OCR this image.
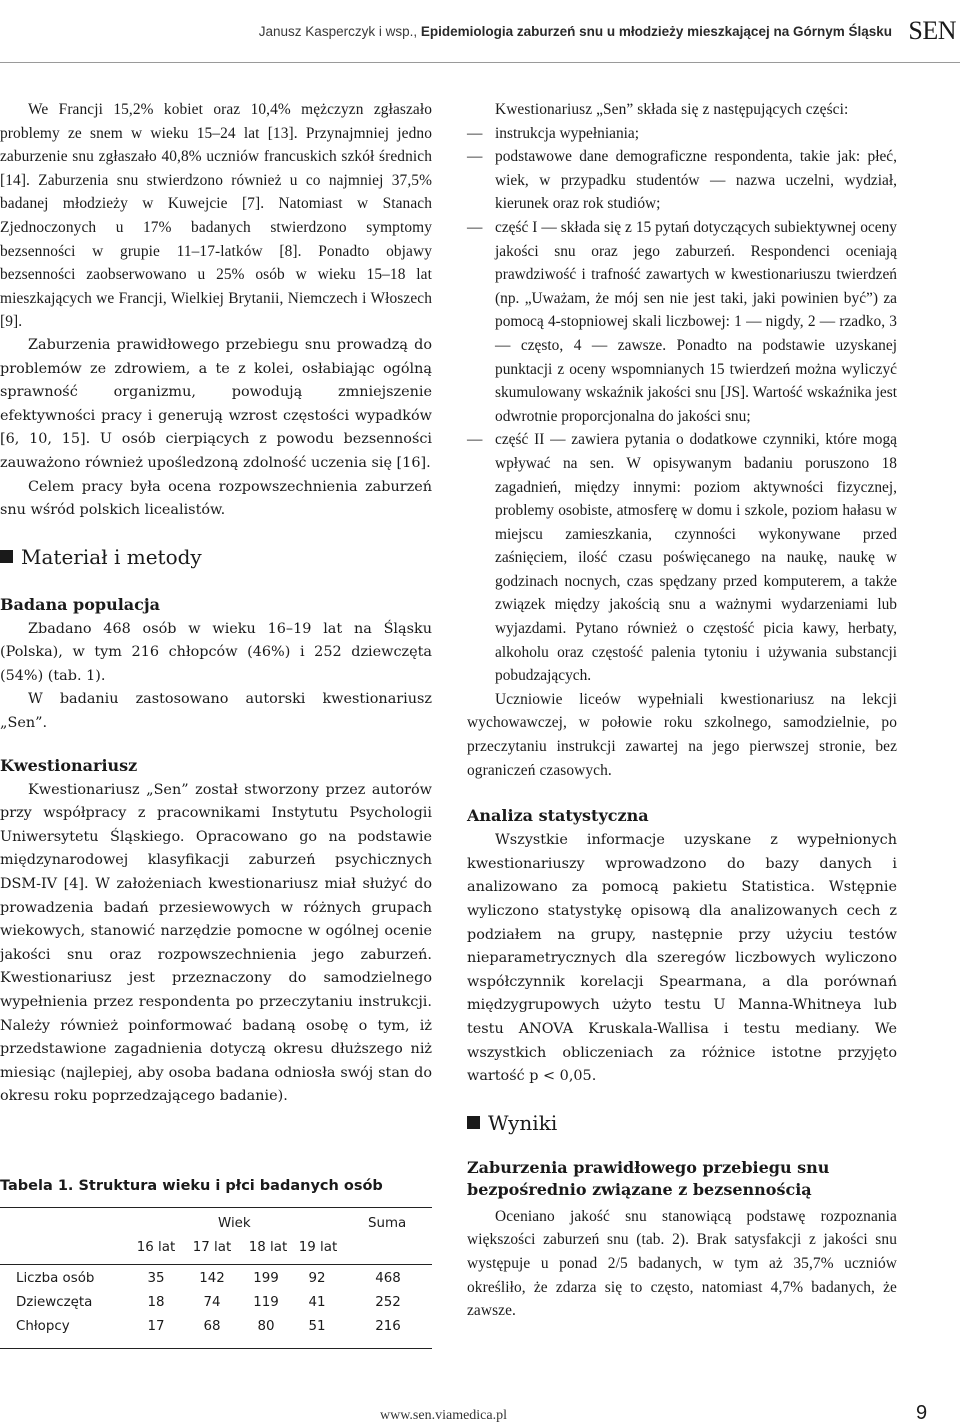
Janusz Kasperczyk i wsp., Epidemiologia zaburzeń snu u młodzieży mieszkającej na Górnym Śląsku SEN

We Francji 15,2% kobiet oraz 10,4% mężczyzn zgłaszało problemy ze snem w wieku 15–24 lat [13]. Przynajmniej jedno zaburzenie snu zgłaszało 40,8% uczniów francuskich szkół średnich [14]. Zaburzenia snu stwierdzono również u co najmniej 37,5% badanej młodzieży w Kuwejcie [7]. Natomiast w Stanach Zjednoczonych u 17% badanych stwierdzono symptomy bezsenności w grupie 11–17-latków [8]. Ponadto objawy bezsenności zaobserwowano u 25% osób w wieku 15–18 lat mieszkających we Francji, Wielkiej Brytanii, Niemczech i Włoszech [9].

Zaburzenia prawidłowego przebiegu snu prowadzą do problemów ze zdrowiem, a te z kolei, osłabiając ogólną sprawność organizmu, powodują zmniejszenie efektywności pracy i generują wzrost częstości wypadków [6, 10, 15]. U osób cierpiących z powodu bezsenności zauważono również upośledzoną zdolność uczenia się [16].

Celem pracy była ocena rozpowszechnienia zaburzeń snu wśród polskich licealistów.

Materiał i metody
Badana populacja

Zbadano 468 osób w wieku 16–19 lat na Śląsku (Polska), w tym 216 chłopców (46%) i 252 dziewczęta (54%) (tab. 1).

W badaniu zastosowano autorski kwestionariusz „Sen”.

Kwestionariusz

Kwestionariusz „Sen” został stworzony przez autorów przy współpracy z pracownikami Instytutu Psychologii Uniwersytetu Śląskiego. Opracowano go na podstawie międzynarodowej klasyfikacji zaburzeń psychicznych DSM-IV [4]. W założeniach kwestionariusz miał służyć do prowadzenia badań przesiewowych w różnych grupach wiekowych, stanowić narzędzie pomocne w ogólnej ocenie jakości snu oraz rozpowszechnienia jego zaburzeń. Kwestionariusz jest przeznaczony do samodzielnego wypełnienia przez respondenta po przeczytaniu instrukcji. Należy również poinformować badaną osobę o tym, iż przedstawione zagadnienia dotyczą okresu dłuższego niż miesiąc (najlepiej, aby osoba badana odniosła swój stan do okresu roku poprzedzającego badanie).

Tabela 1. Struktura wieku i płci badanych osób
Wiek	Suma
16 lat 17 lat 18 lat 19 lat
Liczba osób	35	142	199	92	468
Dziewczęta	18	74	119	41	252
Chłopcy	17	68	80	51	216

Kwestionariusz „Sen” składa się z następujących części:

— instrukcja wypełniania;
— podstawowe dane demograficzne respondenta, takie jak: płeć, wiek, w przypadku studentów — nazwa uczelni, wydział, kierunek oraz rok studiów;
— część I — składa się z 15 pytań dotyczących subiektywnej oceny jakości snu oraz jego zaburzeń. Respondenci oceniają prawdziwość i trafność zawartych w kwestionariuszu twierdzeń (np. „Uważam, że mój sen nie jest taki, jaki powinien być”) za pomocą 4-stopniowej skali liczbowej: 1 — nigdy, 2 — rzadko, 3 — często, 4 — zawsze. Ponadto na podstawie uzyskanej punktacji z oceny wspomnianych 15 twierdzeń można wyliczyć skumulowany wskaźnik jakości snu [JS]. Wartość wskaźnika jest odwrotnie proporcjonalna do jakości snu;
— część II — zawiera pytania o dodatkowe czynniki, które mogą wpływać na sen. W opisywanym badaniu poruszono 18 zagadnień, między innymi: poziom aktywności fizycznej, problemy osobiste, atmosferę w domu i szkole, poziom hałasu w miejscu zamieszkania, czynności wykonywane przed zaśnięciem, ilość czasu poświęcanego na naukę, naukę w godzinach nocnych, czas spędzany przed komputerem, a także związek między jakością snu a ważnymi wydarzeniami lub wyjazdami. Pytano również o częstość picia kawy, herbaty, alkoholu oraz częstość palenia tytoniu i używania substancji pobudzających.

Uczniowie liceów wypełniali kwestionariusz na lekcji wychowawczej, w połowie roku szkolnego, samodzielnie, po przeczytaniu instrukcji zawartej na jego pierwszej stronie, bez ograniczeń czasowych.

Analiza statystyczna

Wszystkie informacje uzyskane z wypełnionych kwestionariuszy wprowadzono do bazy danych i analizowano za pomocą pakietu Statistica. Wstępnie wyliczono statystykę opisową dla analizowanych cech z podziałem na grupy, następnie przy użyciu testów nieparametrycznych dla szeregów liczbowych wyliczono współczynnik korelacji Spearmana, a dla porównań międzygrupowych użyto testu U Manna-Whitneya lub testu ANOVA Kruskala-Wallisa i testu mediany. We wszystkich obliczeniach za różnice istotne przyjęto wartość p < 0,05.

Wyniki
Zaburzenia prawidłowego przebiegu snu bezpośrednio związane z bezsennością

Oceniano jakość snu stanowiącą podstawę rozpoznania większości zaburzeń snu (tab. 2). Brak satysfakcji z jakości snu występuje u ponad 2/5 badanych, w tym aż 35,7% uczniów określiło, że zdarza się to często, natomiast 4,7% badanych, że zawsze.

www.sen.viamedica.pl	9
